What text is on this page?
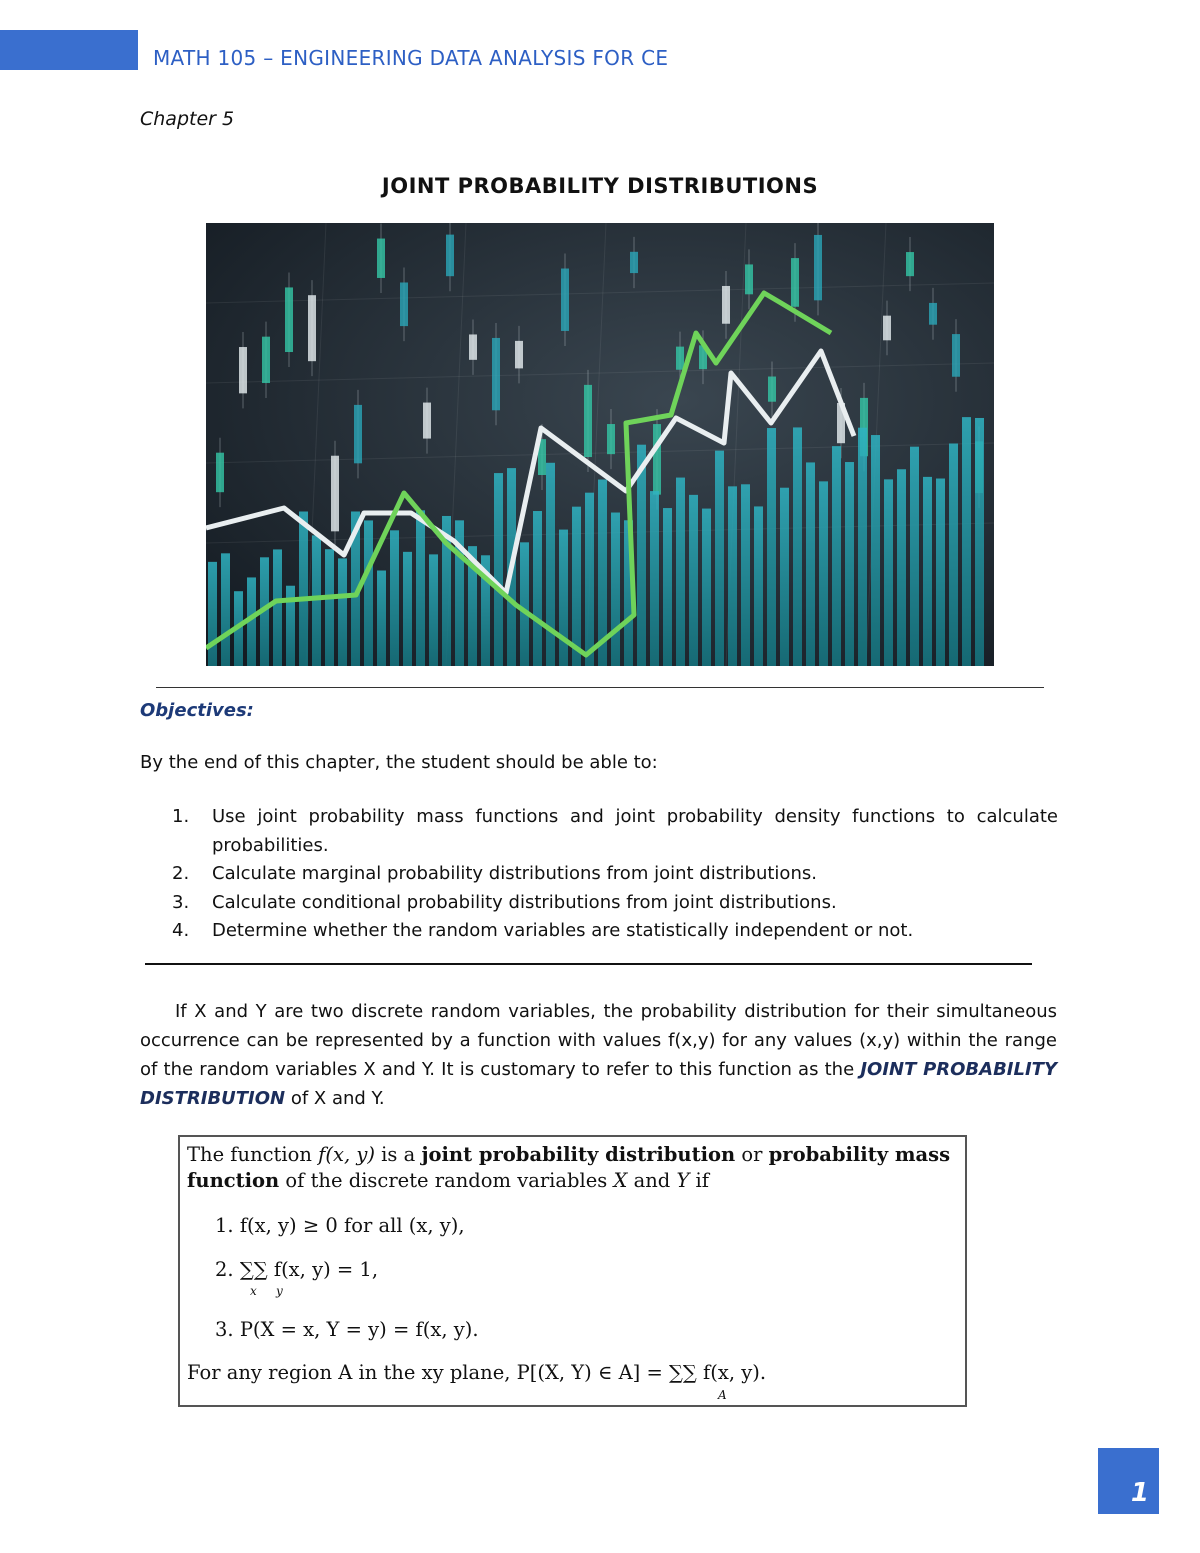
MATH 105 – ENGINEERING DATA ANALYSIS FOR CE
Chapter 5
JOINT PROBABILITY DISTRIBUTIONS
Objectives:
By the end of this chapter, the student should be able to:
1. Use joint probability mass functions and joint probability density functions to calculate probabilities.
2. Calculate marginal probability distributions from joint distributions.
3. Calculate conditional probability distributions from joint distributions.
4. Determine whether the random variables are statistically independent or not.

If X and Y are two discrete random variables, the probability distribution for their simultaneous occurrence can be represented by a function with values f(x,y) for any values (x,y) within the range of the random variables X and Y. It is customary to refer to this function as the JOINT PROBABILITY DISTRIBUTION of X and Y.

The function f(x, y) is a joint probability distribution or probability mass
function of the discrete random variables X and Y if
1. f(x, y) ≥ 0 for all (x, y),
2. ∑∑ f(x, y) = 1,
x y
3. P(X = x, Y = y) = f(x, y).
For any region A in the xy plane, P[(X, Y) ∈ A] = ∑∑ f(x, y).
A
1
